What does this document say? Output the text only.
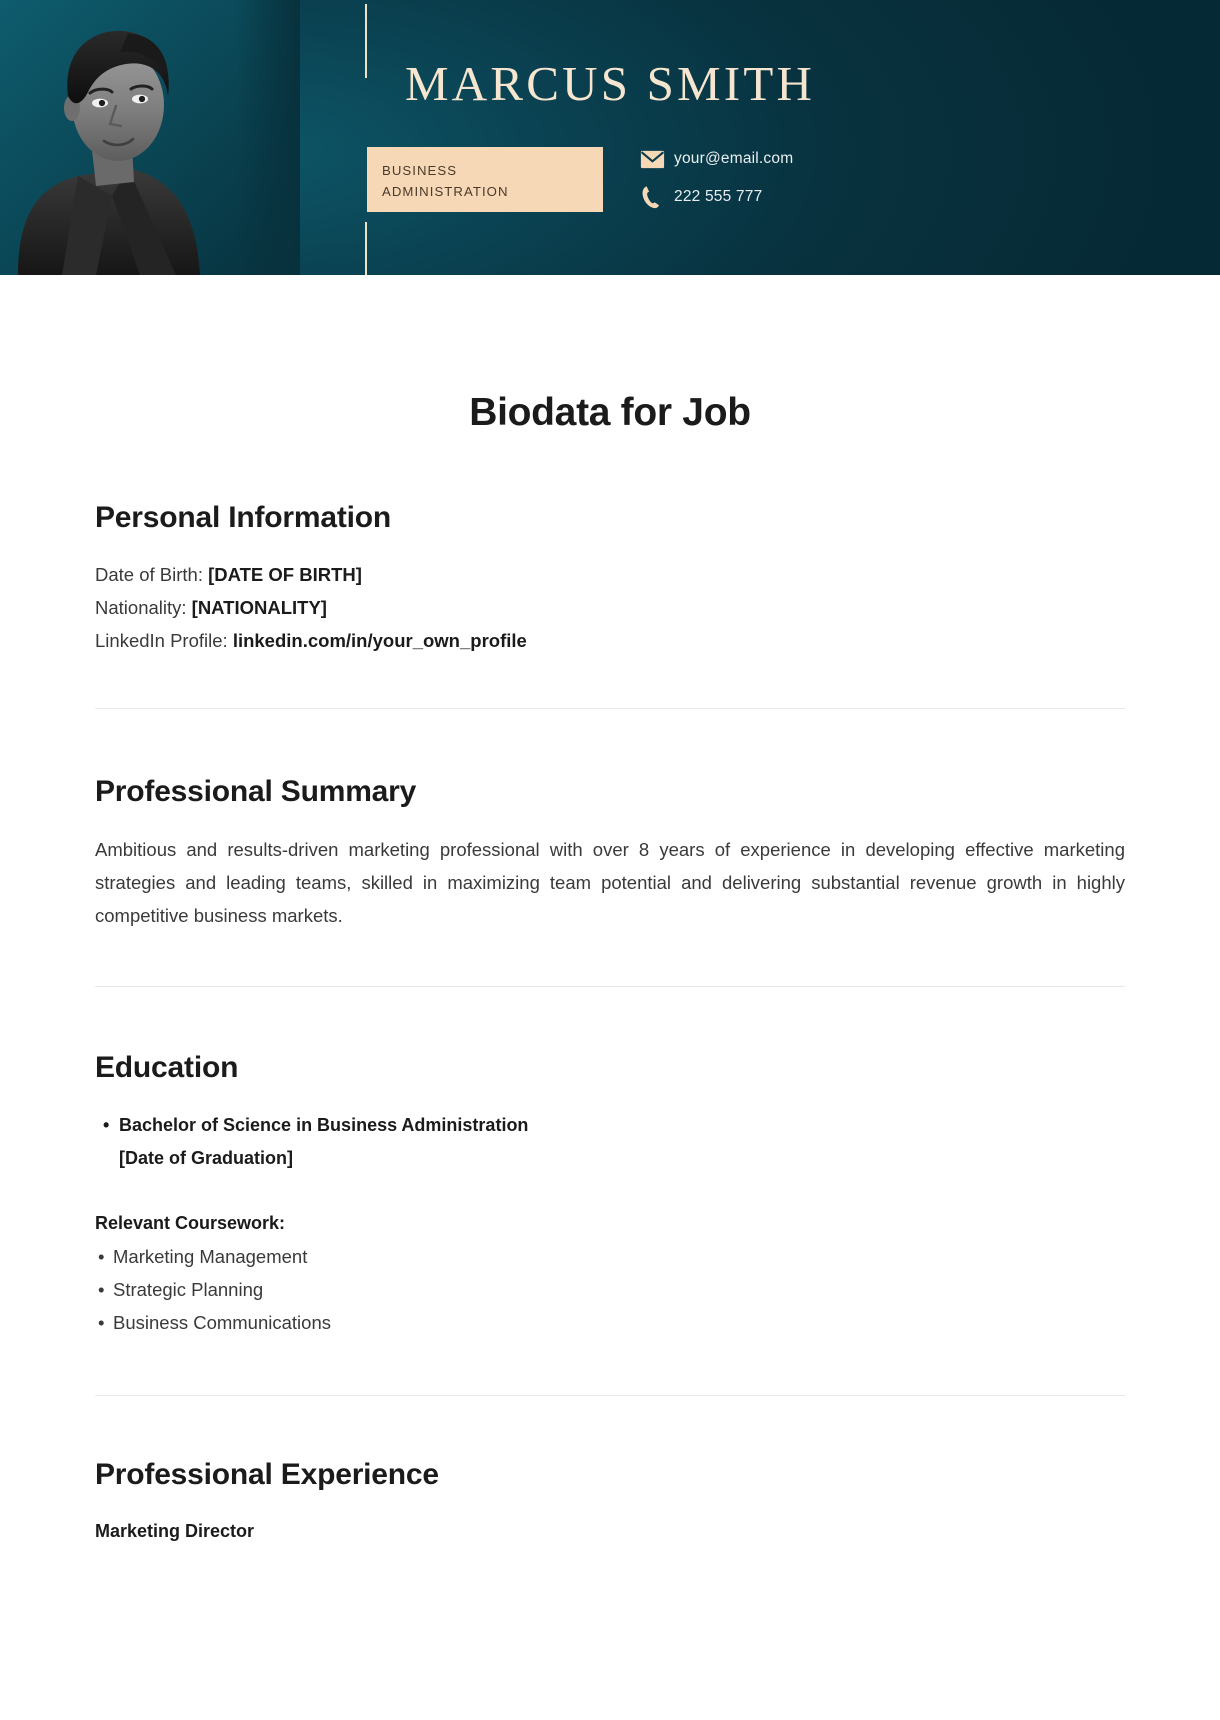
MARCUS SMITH
BUSINESS
ADMINISTRATION
your@email.com
222 555 777
Biodata for Job
Personal Information
Date of Birth: [DATE OF BIRTH]
Nationality: [NATIONALITY]
LinkedIn Profile: linkedin.com/in/your_own_profile
Professional Summary
Ambitious and results-driven marketing professional with over 8 years of experience in developing effective marketing strategies and leading teams, skilled in maximizing team potential and delivering substantial revenue growth in highly competitive business markets.
Education
• Bachelor of Science in Business Administration
[Date of Graduation]
Relevant Coursework:
• Marketing Management
• Strategic Planning
• Business Communications
Professional Experience
Marketing Director
